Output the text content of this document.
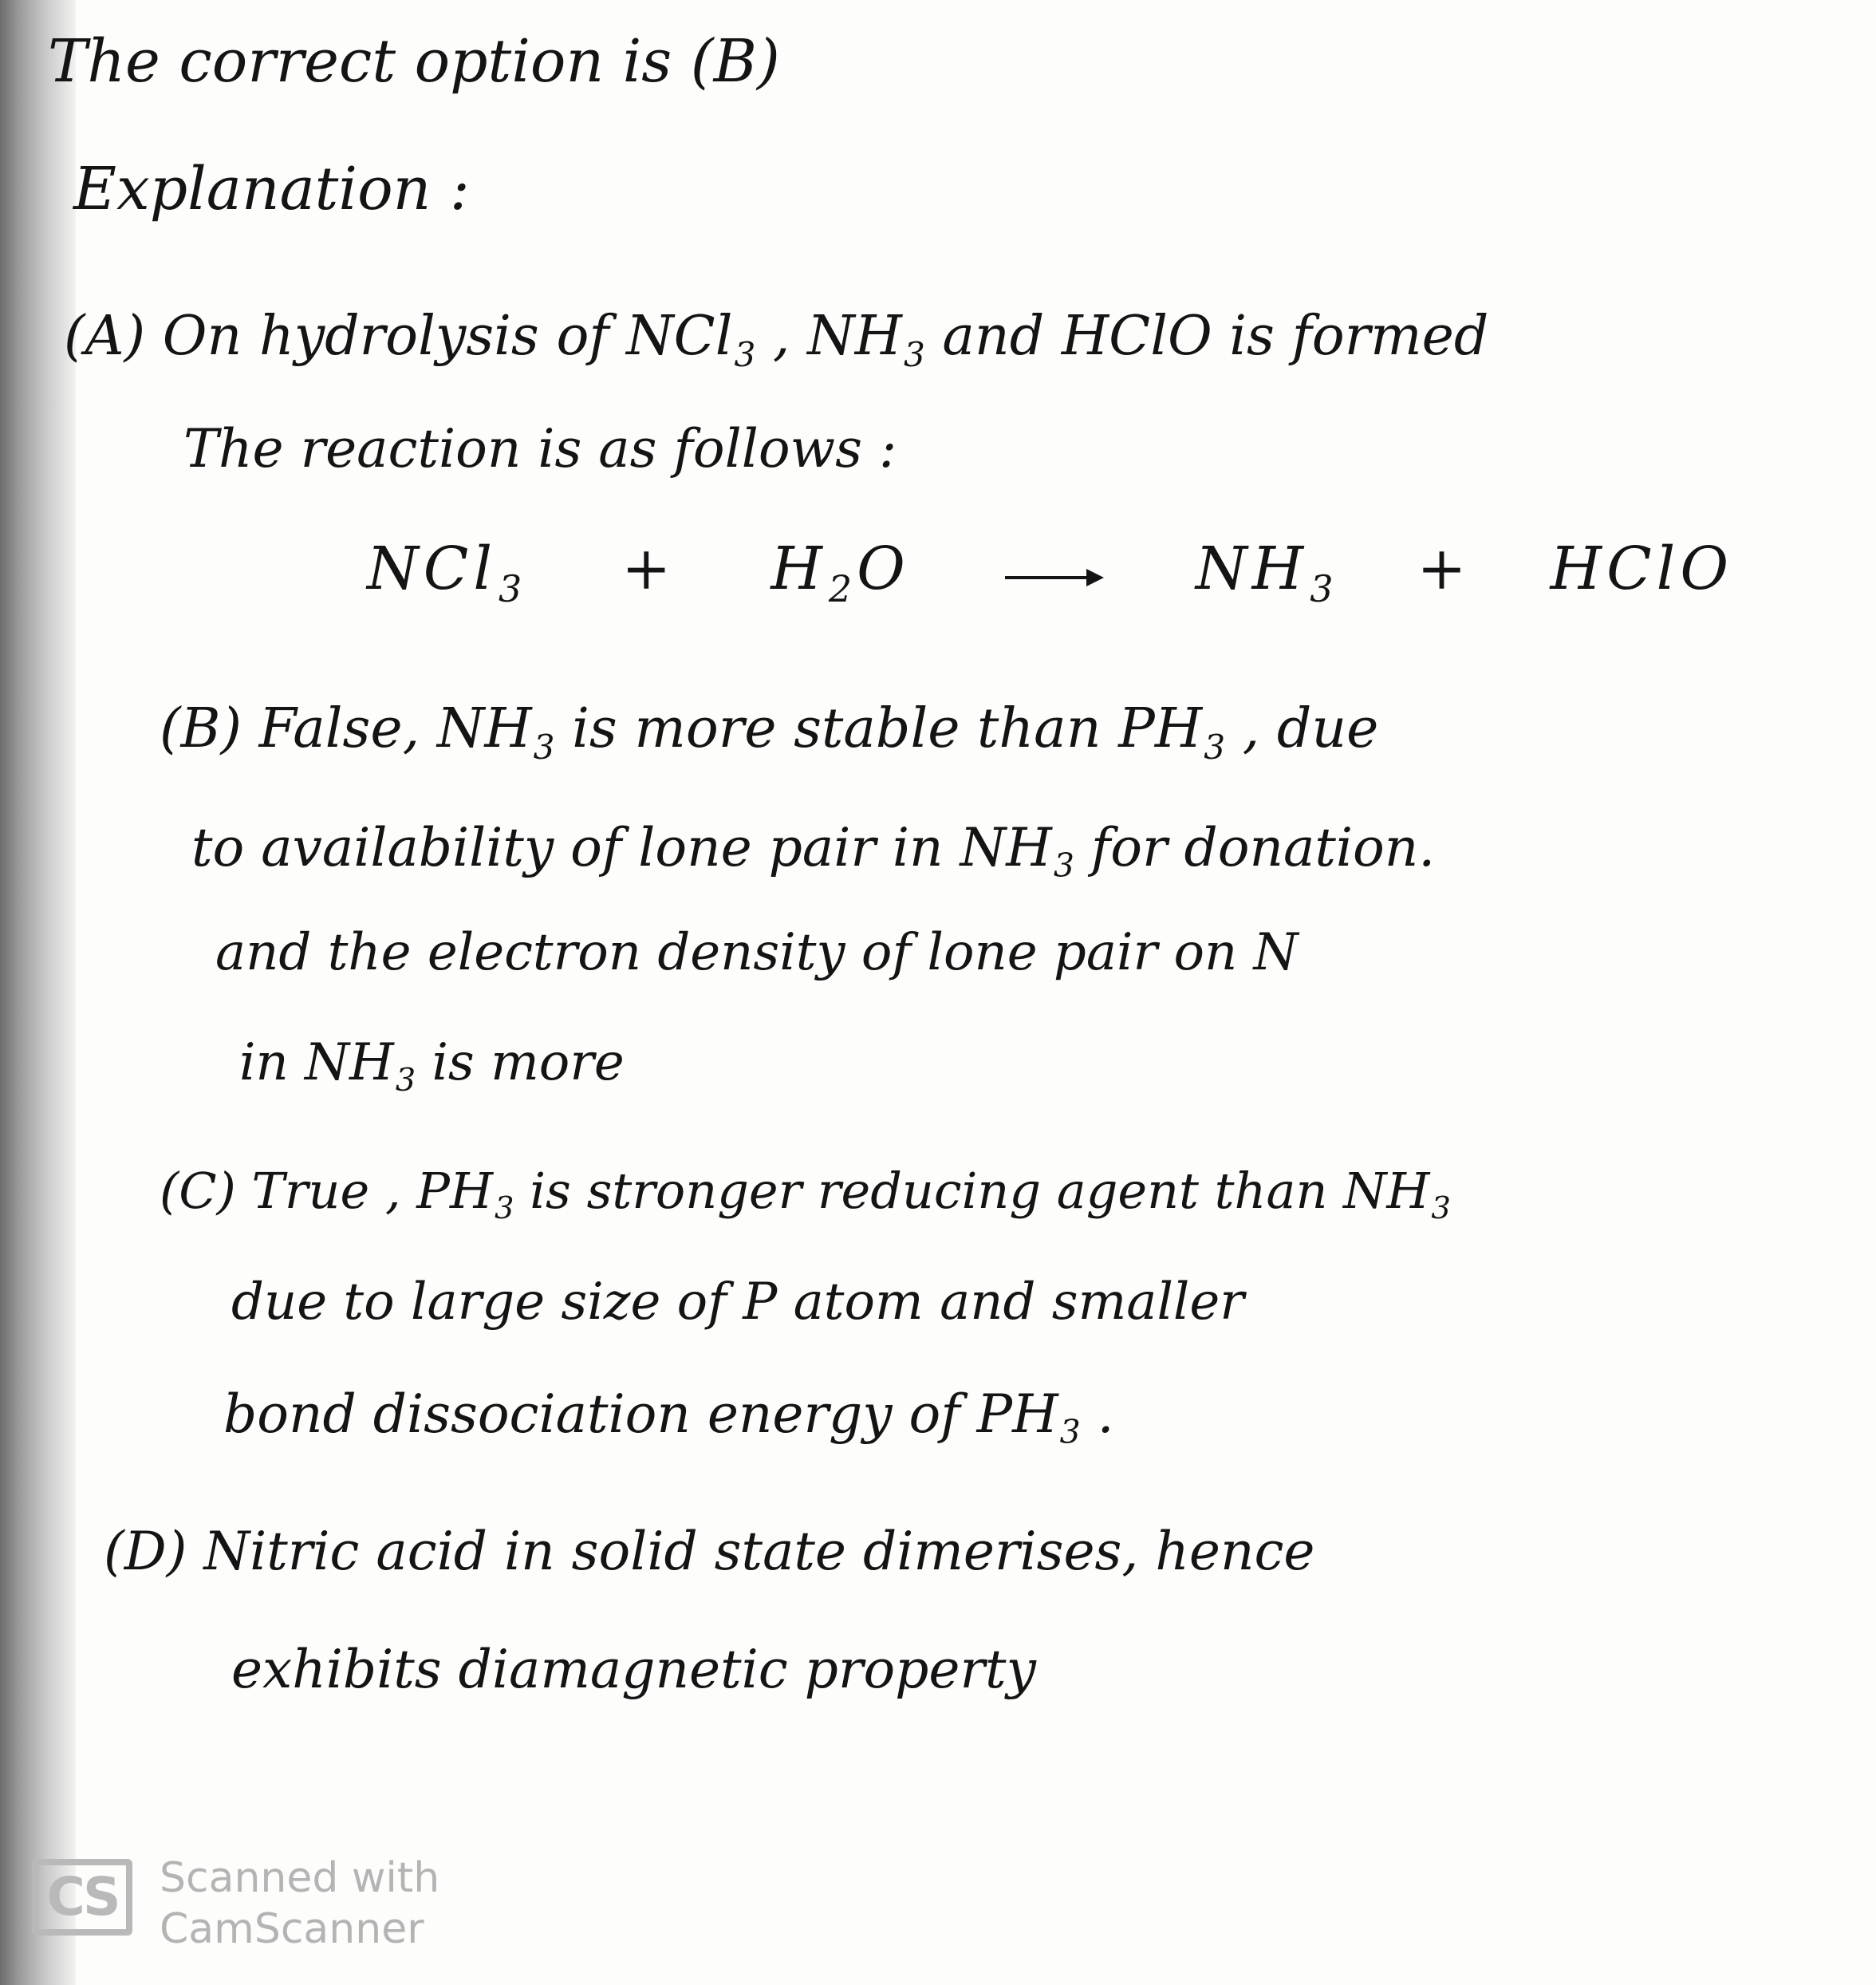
The correct option is (B)
Explanation :
(A) On hydrolysis of NCl$_3$ , $NH_3$ and HClO is formed
The reaction is as follows :
$NCl_3 + H_2O$	$NH_3$ + HClO
(B) False, $NH_3$ is more stable than $PH_3$ , due
to availability of lone pair in $NH_3$ for donation.
and the electron density of lone pair on N
in $NH_3$ is more
(C) True , $PH_3$ is stronger reducing agent than $NH_3$
due to large size of P atom and smaller
bond dissociation energy of $PH_3$ .
(D) Nitric acid in solid state dimerises, hence
exhibits diamagnetic property
CS	Scanned with
CamScanner
